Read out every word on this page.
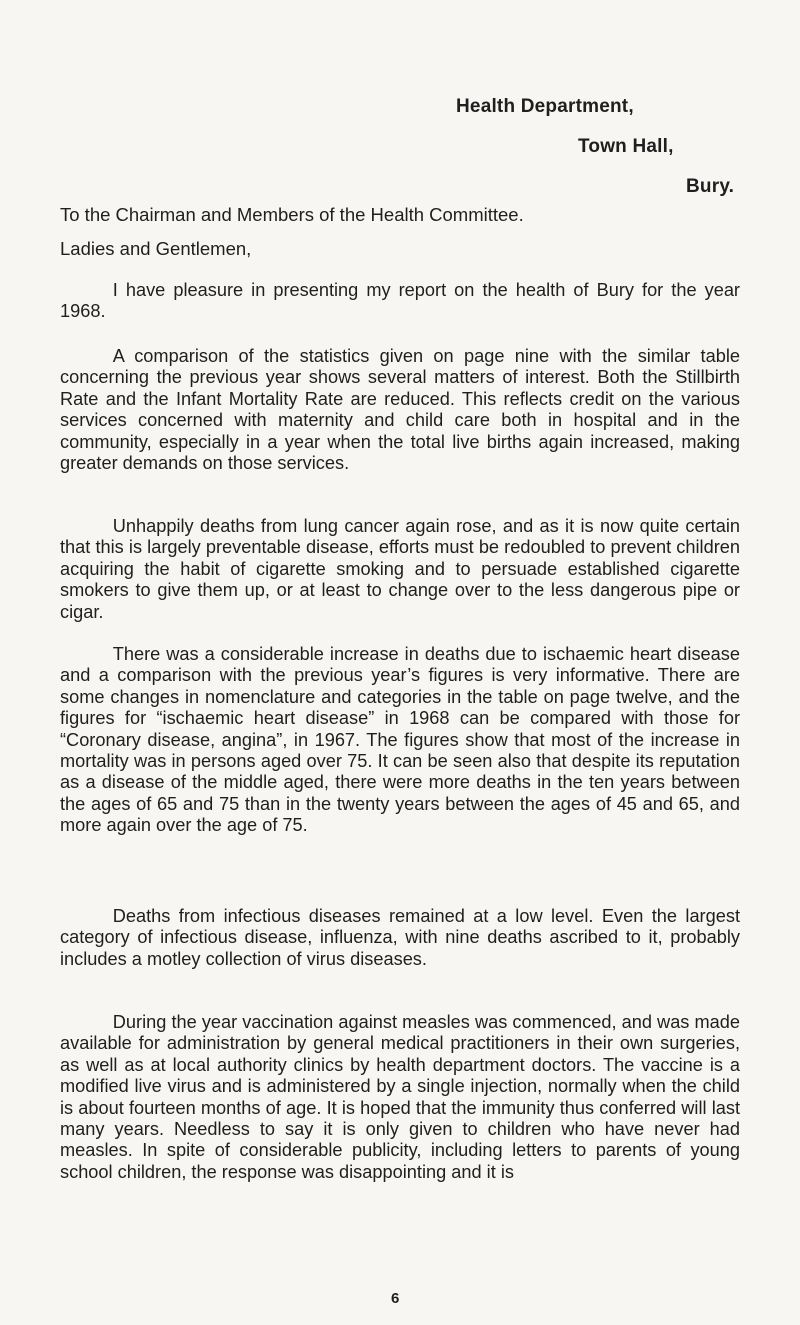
Health Department,
Town Hall,
Bury.
To the Chairman and Members of the Health Committee.
Ladies and Gentlemen,

I have pleasure in presenting my report on the health of Bury for the year 1968.

A comparison of the statistics given on page nine with the similar table concerning the previous year shows several matters of interest. Both the Stillbirth Rate and the Infant Mortality Rate are reduced. This reflects credit on the various services concerned with maternity and child care both in hospital and in the community, especially in a year when the total live births again increased, making greater demands on those services.

Unhappily deaths from lung cancer again rose, and as it is now quite certain that this is largely preventable disease, efforts must be redoubled to prevent children acquiring the habit of cigarette smoking and to persuade established cigarette smokers to give them up, or at least to change over to the less dangerous pipe or cigar.

There was a considerable increase in deaths due to ischaemic heart disease and a comparison with the previous year’s figures is very informative. There are some changes in nomenclature and categories in the table on page twelve, and the figures for “ischaemic heart disease” in 1968 can be compared with those for “Coronary disease, angina”, in 1967. The figures show that most of the increase in mortality was in persons aged over 75. It can be seen also that despite its reputation as a disease of the middle aged, there were more deaths in the ten years between the ages of 65 and 75 than in the twenty years between the ages of 45 and 65, and more again over the age of 75.

Deaths from infectious diseases remained at a low level. Even the largest category of infectious disease, influenza, with nine deaths ascribed to it, probably includes a motley collection of virus diseases.

During the year vaccination against measles was commenced, and was made available for administration by general medical practitioners in their own surgeries, as well as at local authority clinics by health department doctors. The vaccine is a modified live virus and is administered by a single injection, normally when the child is about fourteen months of age. It is hoped that the immunity thus conferred will last many years. Needless to say it is only given to children who have never had measles. In spite of considerable publicity, including letters to parents of young school children, the response was disappointing and it is

6
